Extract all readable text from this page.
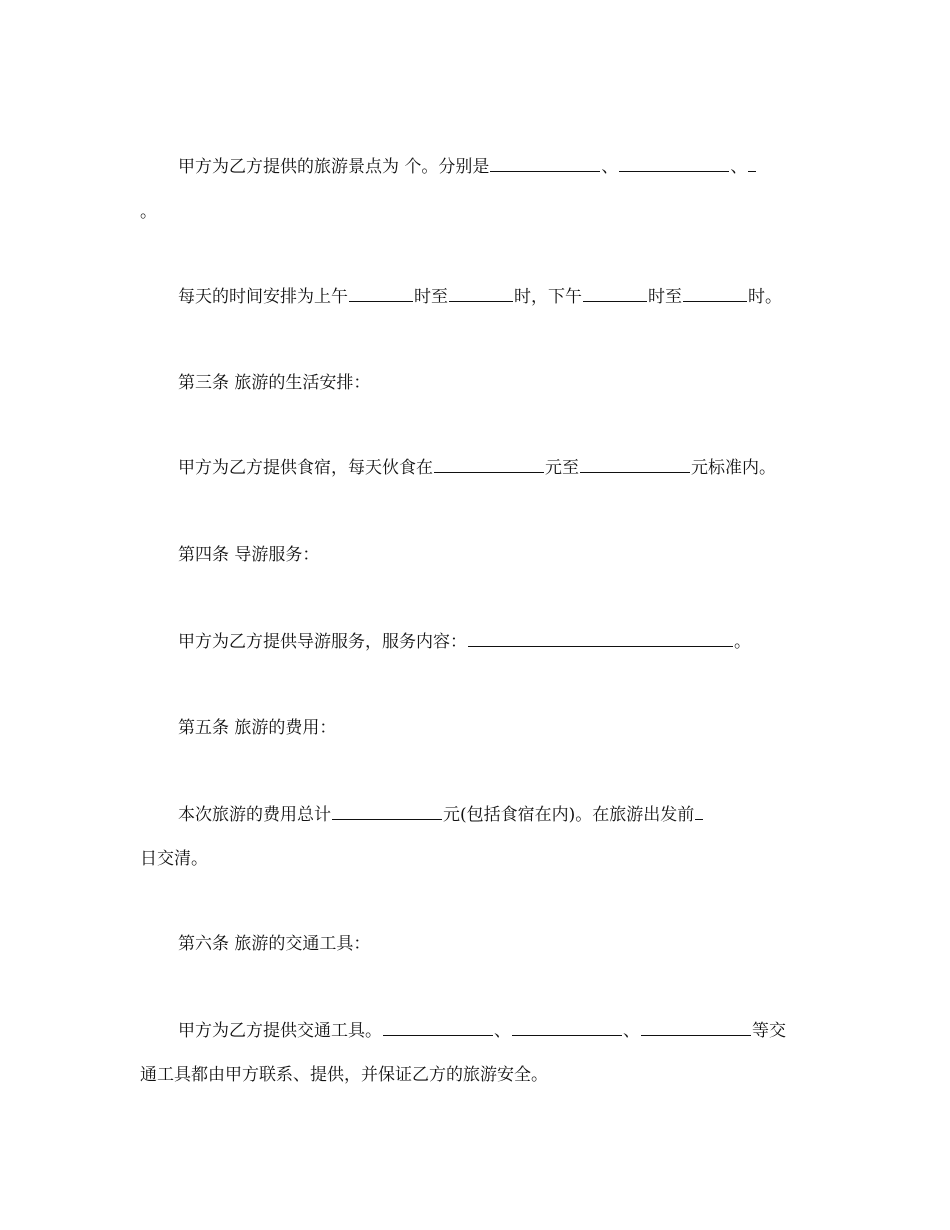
甲方为乙方提供的旅游景点为 个。分别是	、	、
。
每天的时间安排为上午	时至	时，下午	时至	时。
第三条 旅游的生活安排：
甲方为乙方提供食宿，每天伙食在	元至	元标准内。
第四条 导游服务：
甲方为乙方提供导游服务，服务内容：	。
第五条 旅游的费用：
本次旅游的费用总计	元(包括食宿在内)。在旅游出发前
日交清。
第六条 旅游的交通工具：
甲方为乙方提供交通工具。	、	、	等交
通工具都由甲方联系、提供，并保证乙方的旅游安全。
